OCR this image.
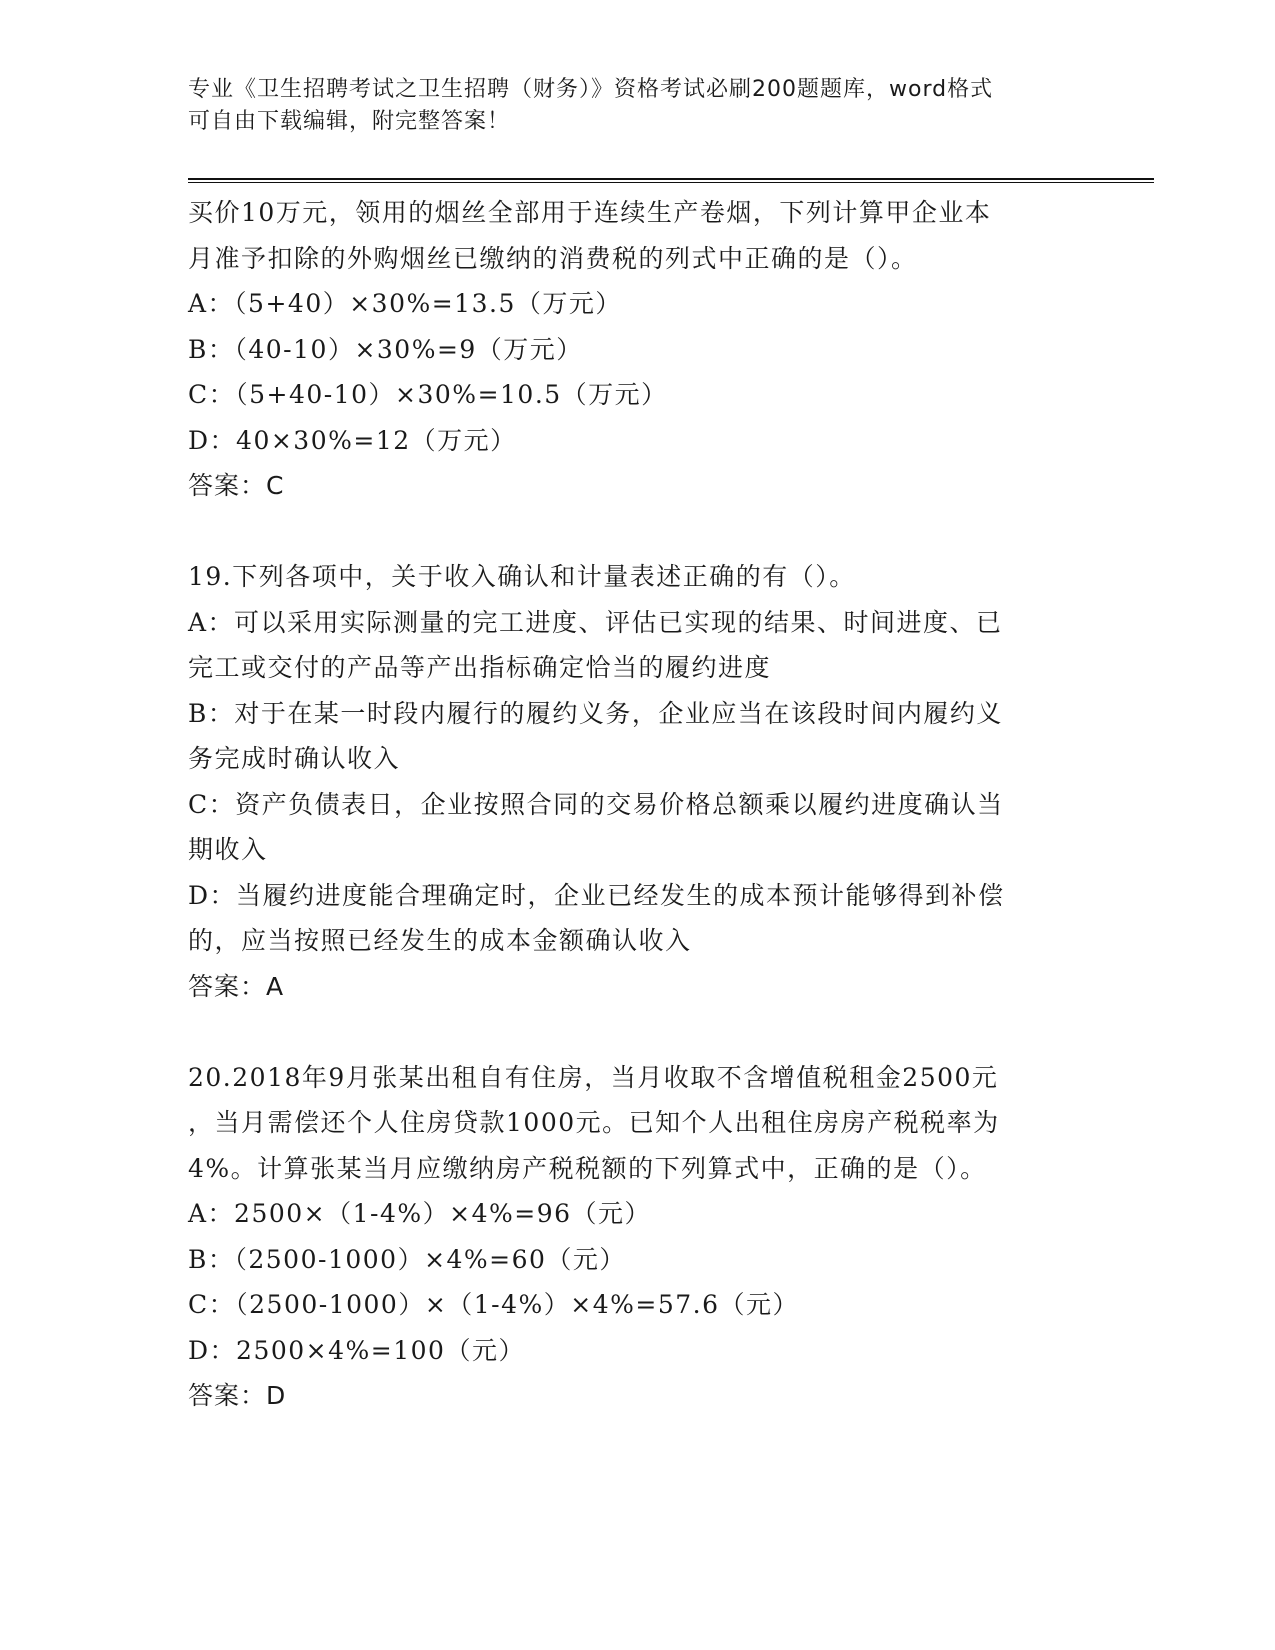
专业《卫生招聘考试之卫生招聘（财务）》资格考试必刷200题题库，word格式
可自由下载编辑，附完整答案！
买价10万元，领用的烟丝全部用于连续生产卷烟，下列计算甲企业本
月准予扣除的外购烟丝已缴纳的消费税的列式中正确的是（）。
A：（5+40）×30%=13.5（万元）
B：（40-10）×30%=9（万元）
C：（5+40-10）×30%=10.5（万元）
D：40×30%=12（万元）
答案：C
19.下列各项中，关于收入确认和计量表述正确的有（）。
A：可以采用实际测量的完工进度、评估已实现的结果、时间进度、已
完工或交付的产品等产出指标确定恰当的履约进度
B：对于在某一时段内履行的履约义务，企业应当在该段时间内履约义
务完成时确认收入
C：资产负债表日，企业按照合同的交易价格总额乘以履约进度确认当
期收入
D：当履约进度能合理确定时，企业已经发生的成本预计能够得到补偿
的，应当按照已经发生的成本金额确认收入
答案：A
20.2018年9月张某出租自有住房，当月收取不含增值税租金2500元
，当月需偿还个人住房贷款1000元。已知个人出租住房房产税税率为
4%。计算张某当月应缴纳房产税税额的下列算式中，正确的是（）。
A：2500×（1-4%）×4%=96（元）
B：（2500-1000）×4%=60（元）
C：（2500-1000）×（1-4%）×4%=57.6（元）
D：2500×4%=100（元）
答案：D
